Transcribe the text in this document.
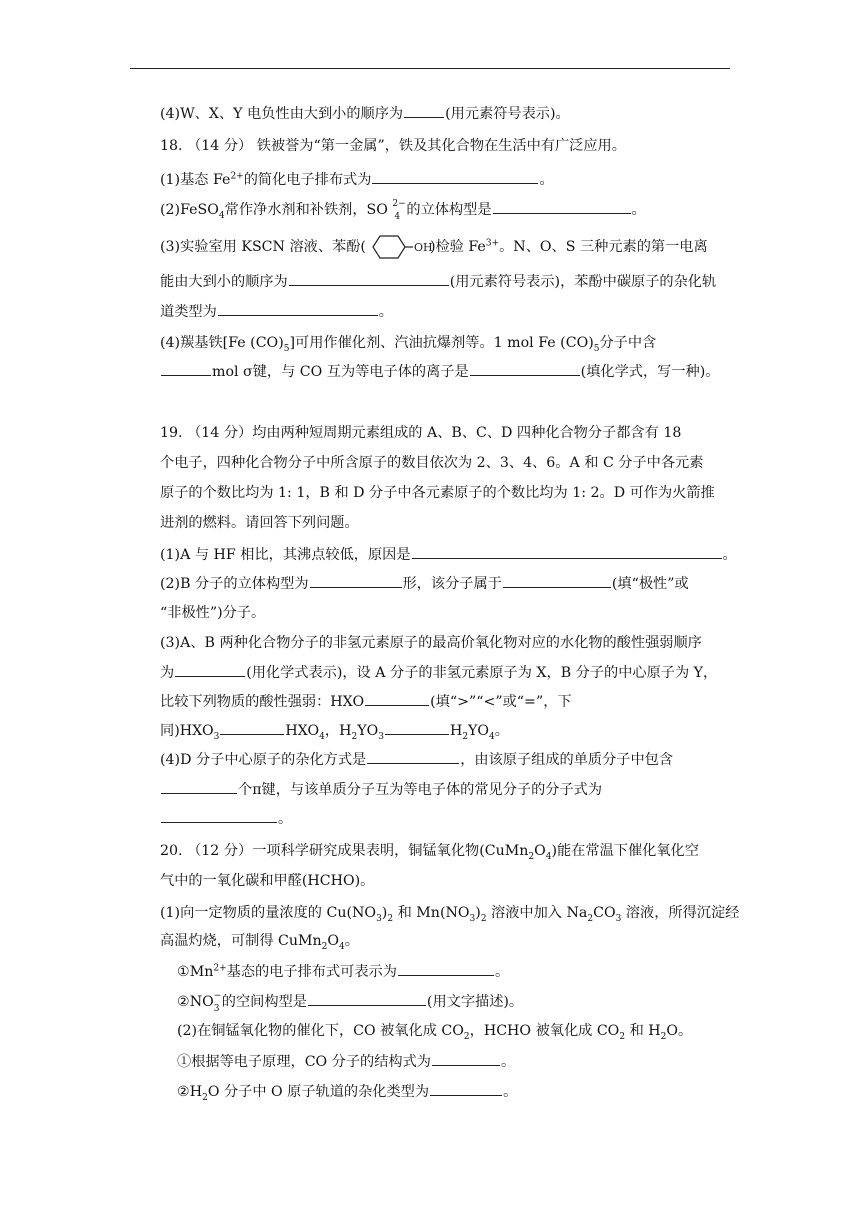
(4)W、X、Y 电负性由大到小的顺序为	(用元素符号表示)。
18. （14 分） 铁被誉为“第一金属”，铁及其化合物在生活中有广泛应用。
(1)基态 $Fe^{2+}$的简化电子排布式为	。
(2)FeSO$_4$常作净水剂和补铁剂，SO 2−
4 的立体构型是	。
(3)实验室用 KSCN 溶液、苯酚(	OH
)检验 $Fe^{3+}$。N、O、S 三种元素的第一电离
能由大到小的顺序为	(用元素符号表示)，苯酚中碳原子的杂化轨
道类型为	。
(4)羰基铁[Fe $(CO)_5$]可用作催化剂、汽油抗爆剂等。1 mol Fe $(CO)_5$分子中含
mol σ键，与 CO 互为等电子体的离子是	(填化学式，写一种)。
19. （14 分）均由两种短周期元素组成的 A、B、C、D 四种化合物分子都含有 18
个电子，四种化合物分子中所含原子的数目依次为 2、3、4、6。A 和 C 分子中各元素
原子的个数比均为 1: 1，B 和 D 分子中各元素原子的个数比均为 1: 2。D 可作为火箭推
进剂的燃料。请回答下列问题。
(1)A 与 HF 相比，其沸点较低，原因是	。
(2)B 分子的立体构型为	形，该分子属于	(填“极性”或
“非极性”)分子。
(3)A、B 两种化合物分子的非氢元素原子的最高价氧化物对应的水化物的酸性强弱顺序
为	(用化学式表示)，设 A 分子的非氢元素原子为 X，B 分子的中心原子为 Y，
比较下列物质的酸性强弱：HXO	(填“>”“<”或“=”，下
同)$HXO_3$	$HXO_4$，$H_2YO_3$	$H_2YO_4$。
(4)D 分子中心原子的杂化方式是	，由该原子组成的单质分子中包含
个π键，与该单质分子互为等电子体的常见分子的分子式为
。
20. （12 分）一项科学研究成果表明，铜锰氧化物$(CuMn_2O_4)$能在常温下催化氧化空
气中的一氧化碳和甲醛(HCHO)。
(1)向一定物质的量浓度的 $Cu(NO_3)_2$ 和 $Mn(NO_3)_2$ 溶液中加入 $Na_2CO_3$ 溶液，所得沉淀经
高温灼烧，可制得 $CuMn_2O_4$。
$①Mn^{2+}$基态的电子排布式可表示为	。
②NO −
3 的空间构型是	(用文字描述)。
(2)在铜锰氧化物的催化下，CO 被氧化成 $CO_2$，HCHO 被氧化成 $CO_2$ 和 $H_2O$。
①根据等电子原理，CO 分子的结构式为	。
$②H_2O$ 分子中 O 原子轨道的杂化类型为	。
